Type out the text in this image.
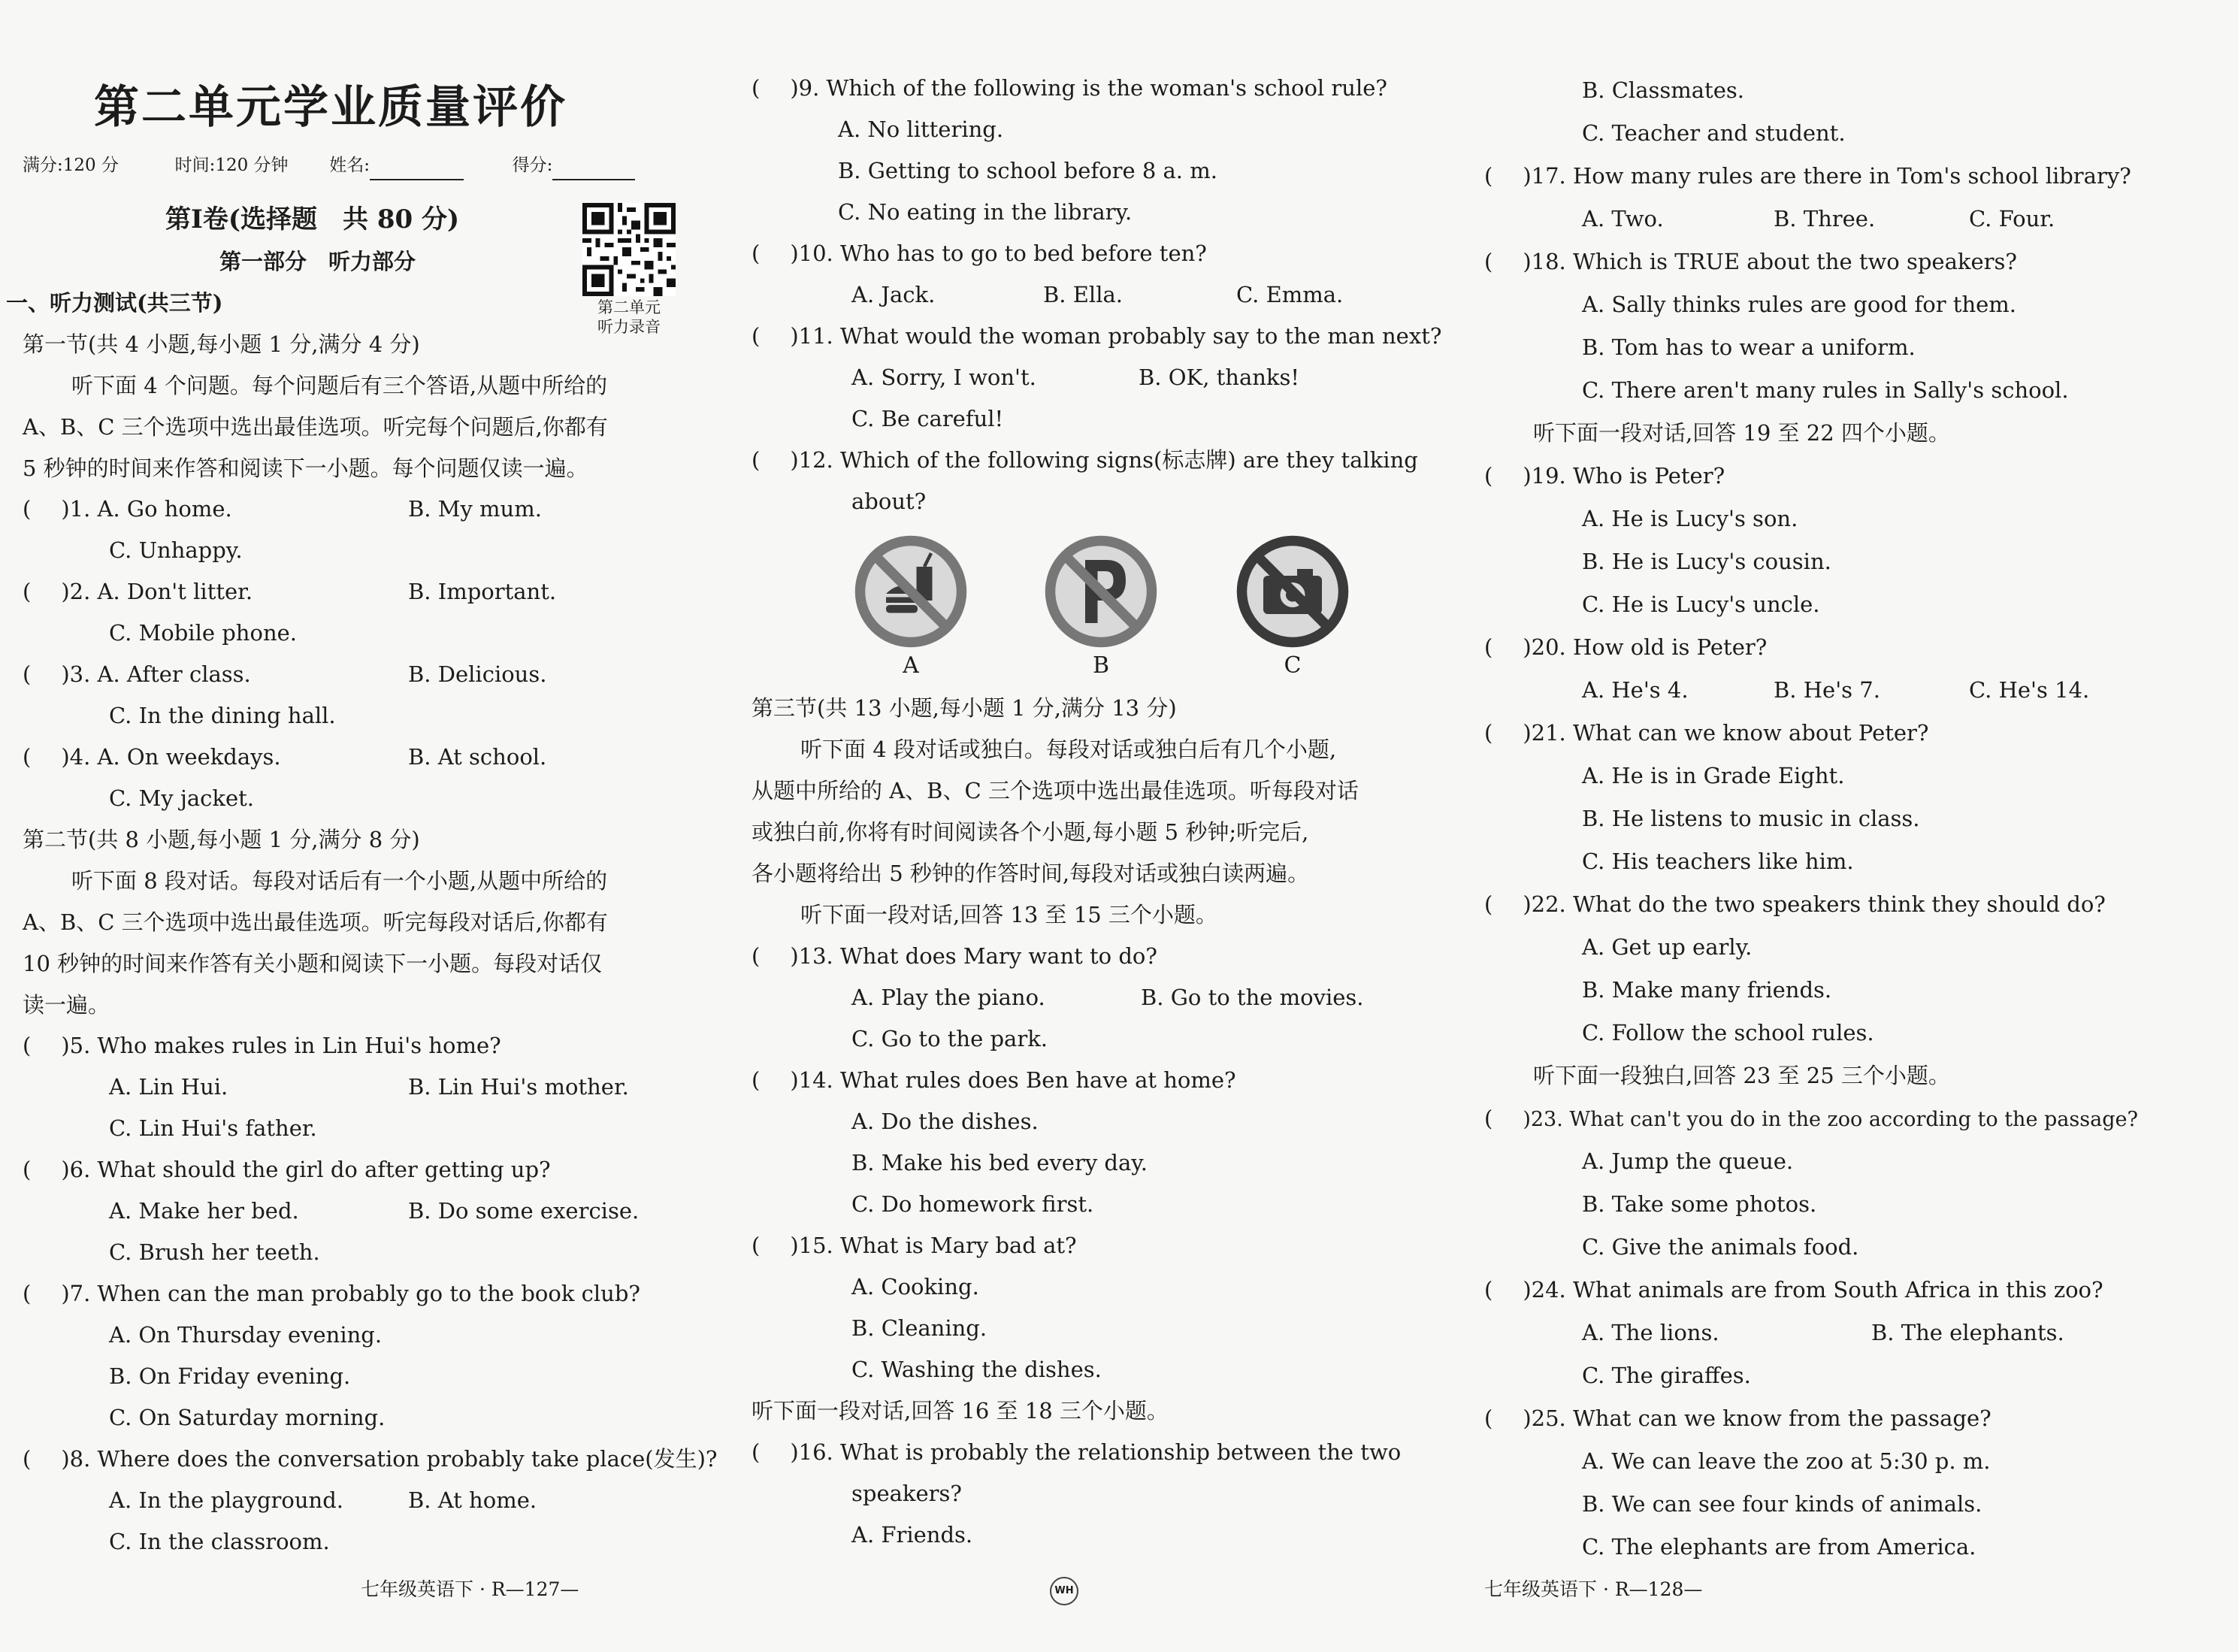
第二单元学业质量评价
满分:120 分	时间:120 分钟 姓名:	得分:
第Ⅰ卷(选择题　共 80 分)
第一部分　听力部分
第二单元
听力录音
一、听力测试(共三节)
第一节(共 4 小题,每小题 1 分,满分 4 分)
听下面 4 个问题。每个问题后有三个答语,从题中所给的
A、B、C 三个选项中选出最佳选项。听完每个问题后,你都有
5 秒钟的时间来作答和阅读下一小题。每个问题仅读一遍。
( )1. A. Go home.	B. My mum.
C. Unhappy.
( )2. A. Don't litter.	B. Important.
C. Mobile phone.
( )3. A. After class.	B. Delicious.
C. In the dining hall.
( )4. A. On weekdays.	B. At school.
C. My jacket.
第二节(共 8 小题,每小题 1 分,满分 8 分)
听下面 8 段对话。每段对话后有一个小题,从题中所给的
A、B、C 三个选项中选出最佳选项。听完每段对话后,你都有
10 秒钟的时间来作答有关小题和阅读下一小题。每段对话仅
读一遍。
( )5. Who makes rules in Lin Hui's home?
A. Lin Hui.	B. Lin Hui's mother.
C. Lin Hui's father.
( )6. What should the girl do after getting up?
A. Make her bed.	B. Do some exercise.
C. Brush her teeth.
( )7. When can the man probably go to the book club?
A. On Thursday evening.
B. On Friday evening.
C. On Saturday morning.
( )8. Where does the conversation probably take place(发生)?
A. In the playground.	B. At home.
C. In the classroom.
七年级英语下 · R—127—
( )9. Which of the following is the woman's school rule?
A. No littering.
B. Getting to school before 8 a. m.
C. No eating in the library.
( )10. Who has to go to bed before ten?
A. Jack.	B. Ella.	C. Emma.
( )11. What would the woman probably say to the man next?
A. Sorry, I won't.	B. OK, thanks!
C. Be careful!
( )12. Which of the following signs(标志牌) are they talking
about?
A	B	C
第三节(共 13 小题,每小题 1 分,满分 13 分)
听下面 4 段对话或独白。每段对话或独白后有几个小题,
从题中所给的 A、B、C 三个选项中选出最佳选项。听每段对话
或独白前,你将有时间阅读各个小题,每小题 5 秒钟;听完后,
各小题将给出 5 秒钟的作答时间,每段对话或独白读两遍。
听下面一段对话,回答 13 至 15 三个小题。
( )13. What does Mary want to do?
A. Play the piano.	B. Go to the movies.
C. Go to the park.
( )14. What rules does Ben have at home?
A. Do the dishes.
B. Make his bed every day.
C. Do homework first.
( )15. What is Mary bad at?
A. Cooking.
B. Cleaning.
C. Washing the dishes.
听下面一段对话,回答 16 至 18 三个小题。
( )16. What is probably the relationship between the two
speakers?
A. Friends.
WH
B. Classmates.
C. Teacher and student.
( )17. How many rules are there in Tom's school library?
A. Two.	B. Three.	C. Four.
( )18. Which is TRUE about the two speakers?
A. Sally thinks rules are good for them.
B. Tom has to wear a uniform.
C. There aren't many rules in Sally's school.
听下面一段对话,回答 19 至 22 四个小题。
( )19. Who is Peter?
A. He is Lucy's son.
B. He is Lucy's cousin.
C. He is Lucy's uncle.
( )20. How old is Peter?
A. He's 4.	B. He's 7.	C. He's 14.
( )21. What can we know about Peter?
A. He is in Grade Eight.
B. He listens to music in class.
C. His teachers like him.
( )22. What do the two speakers think they should do?
A. Get up early.
B. Make many friends.
C. Follow the school rules.
听下面一段独白,回答 23 至 25 三个小题。
( )23. What can't you do in the zoo according to the passage?
A. Jump the queue.
B. Take some photos.
C. Give the animals food.
( )24. What animals are from South Africa in this zoo?
A. The lions.	B. The elephants.
C. The giraffes.
( )25. What can we know from the passage?
A. We can leave the zoo at 5:30 p. m.
B. We can see four kinds of animals.
C. The elephants are from America.
七年级英语下 · R—128—
